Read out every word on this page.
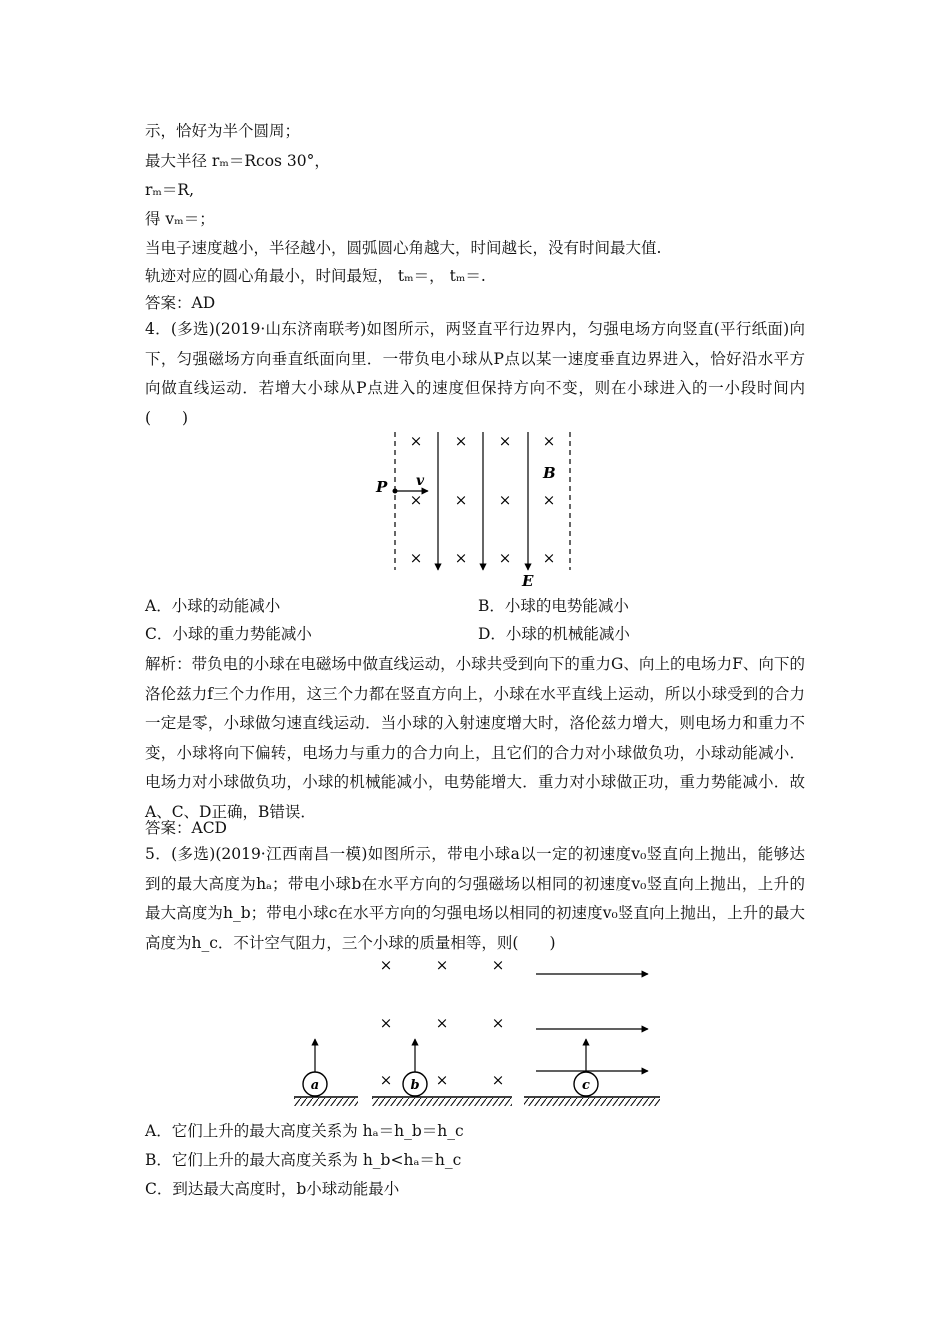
示，恰好为半个圆周；
最大半径 rₘ＝Rcos 30°，
rₘ＝R,
得 vₘ＝；
当电子速度越小，半径越小，圆弧圆心角越大，时间越长，没有时间最大值.
轨迹对应的圆心角最小，时间最短， tₘ＝， tₘ＝.
答案：AD
4．(多选)(2019·山东济南联考)如图所示，两竖直平行边界内，匀强电场方向竖直(平行纸面)向下，匀强磁场方向垂直纸面向里．一带负电小球从P点以某一速度垂直边界进入，恰好沿水平方向做直线运动．若增大小球从P点进入的速度但保持方向不变，则在小球进入的一小段时间内(　　)
× × × ×
× × × ×
× × × ×
P v	B
E
A．小球的动能减小	B．小球的电势能减小
C．小球的重力势能减小	D．小球的机械能减小
解析：带负电的小球在电磁场中做直线运动，小球共受到向下的重力G、向上的电场力F、向下的洛伦兹力f三个力作用，这三个力都在竖直方向上，小球在水平直线上运动，所以小球受到的合力一定是零，小球做匀速直线运动．当小球的入射速度增大时，洛伦兹力增大，则电场力和重力不变，小球将向下偏转，电场力与重力的合力向上，且它们的合力对小球做负功，小球动能减小．电场力对小球做负功，小球的机械能减小，电势能增大．重力对小球做正功，重力势能减小．故A、C、D正确，B错误．
答案：ACD
5．(多选)(2019·江西南昌一模)如图所示，带电小球a以一定的初速度v₀竖直向上抛出，能够达到的最大高度为hₐ；带电小球b在水平方向的匀强磁场以相同的初速度v₀竖直向上抛出，上升的最大高度为h_b；带电小球c在水平方向的匀强电场以相同的初速度v₀竖直向上抛出，上升的最大高度为h_c．不计空气阻力，三个小球的质量相等，则(　　)
×	×	×
×	×	×
×	×	×
a	b	c
A．它们上升的最大高度关系为 hₐ＝h_b＝h_c
B．它们上升的最大高度关系为 h_b<hₐ＝h_c
C．到达最大高度时，b小球动能最小
